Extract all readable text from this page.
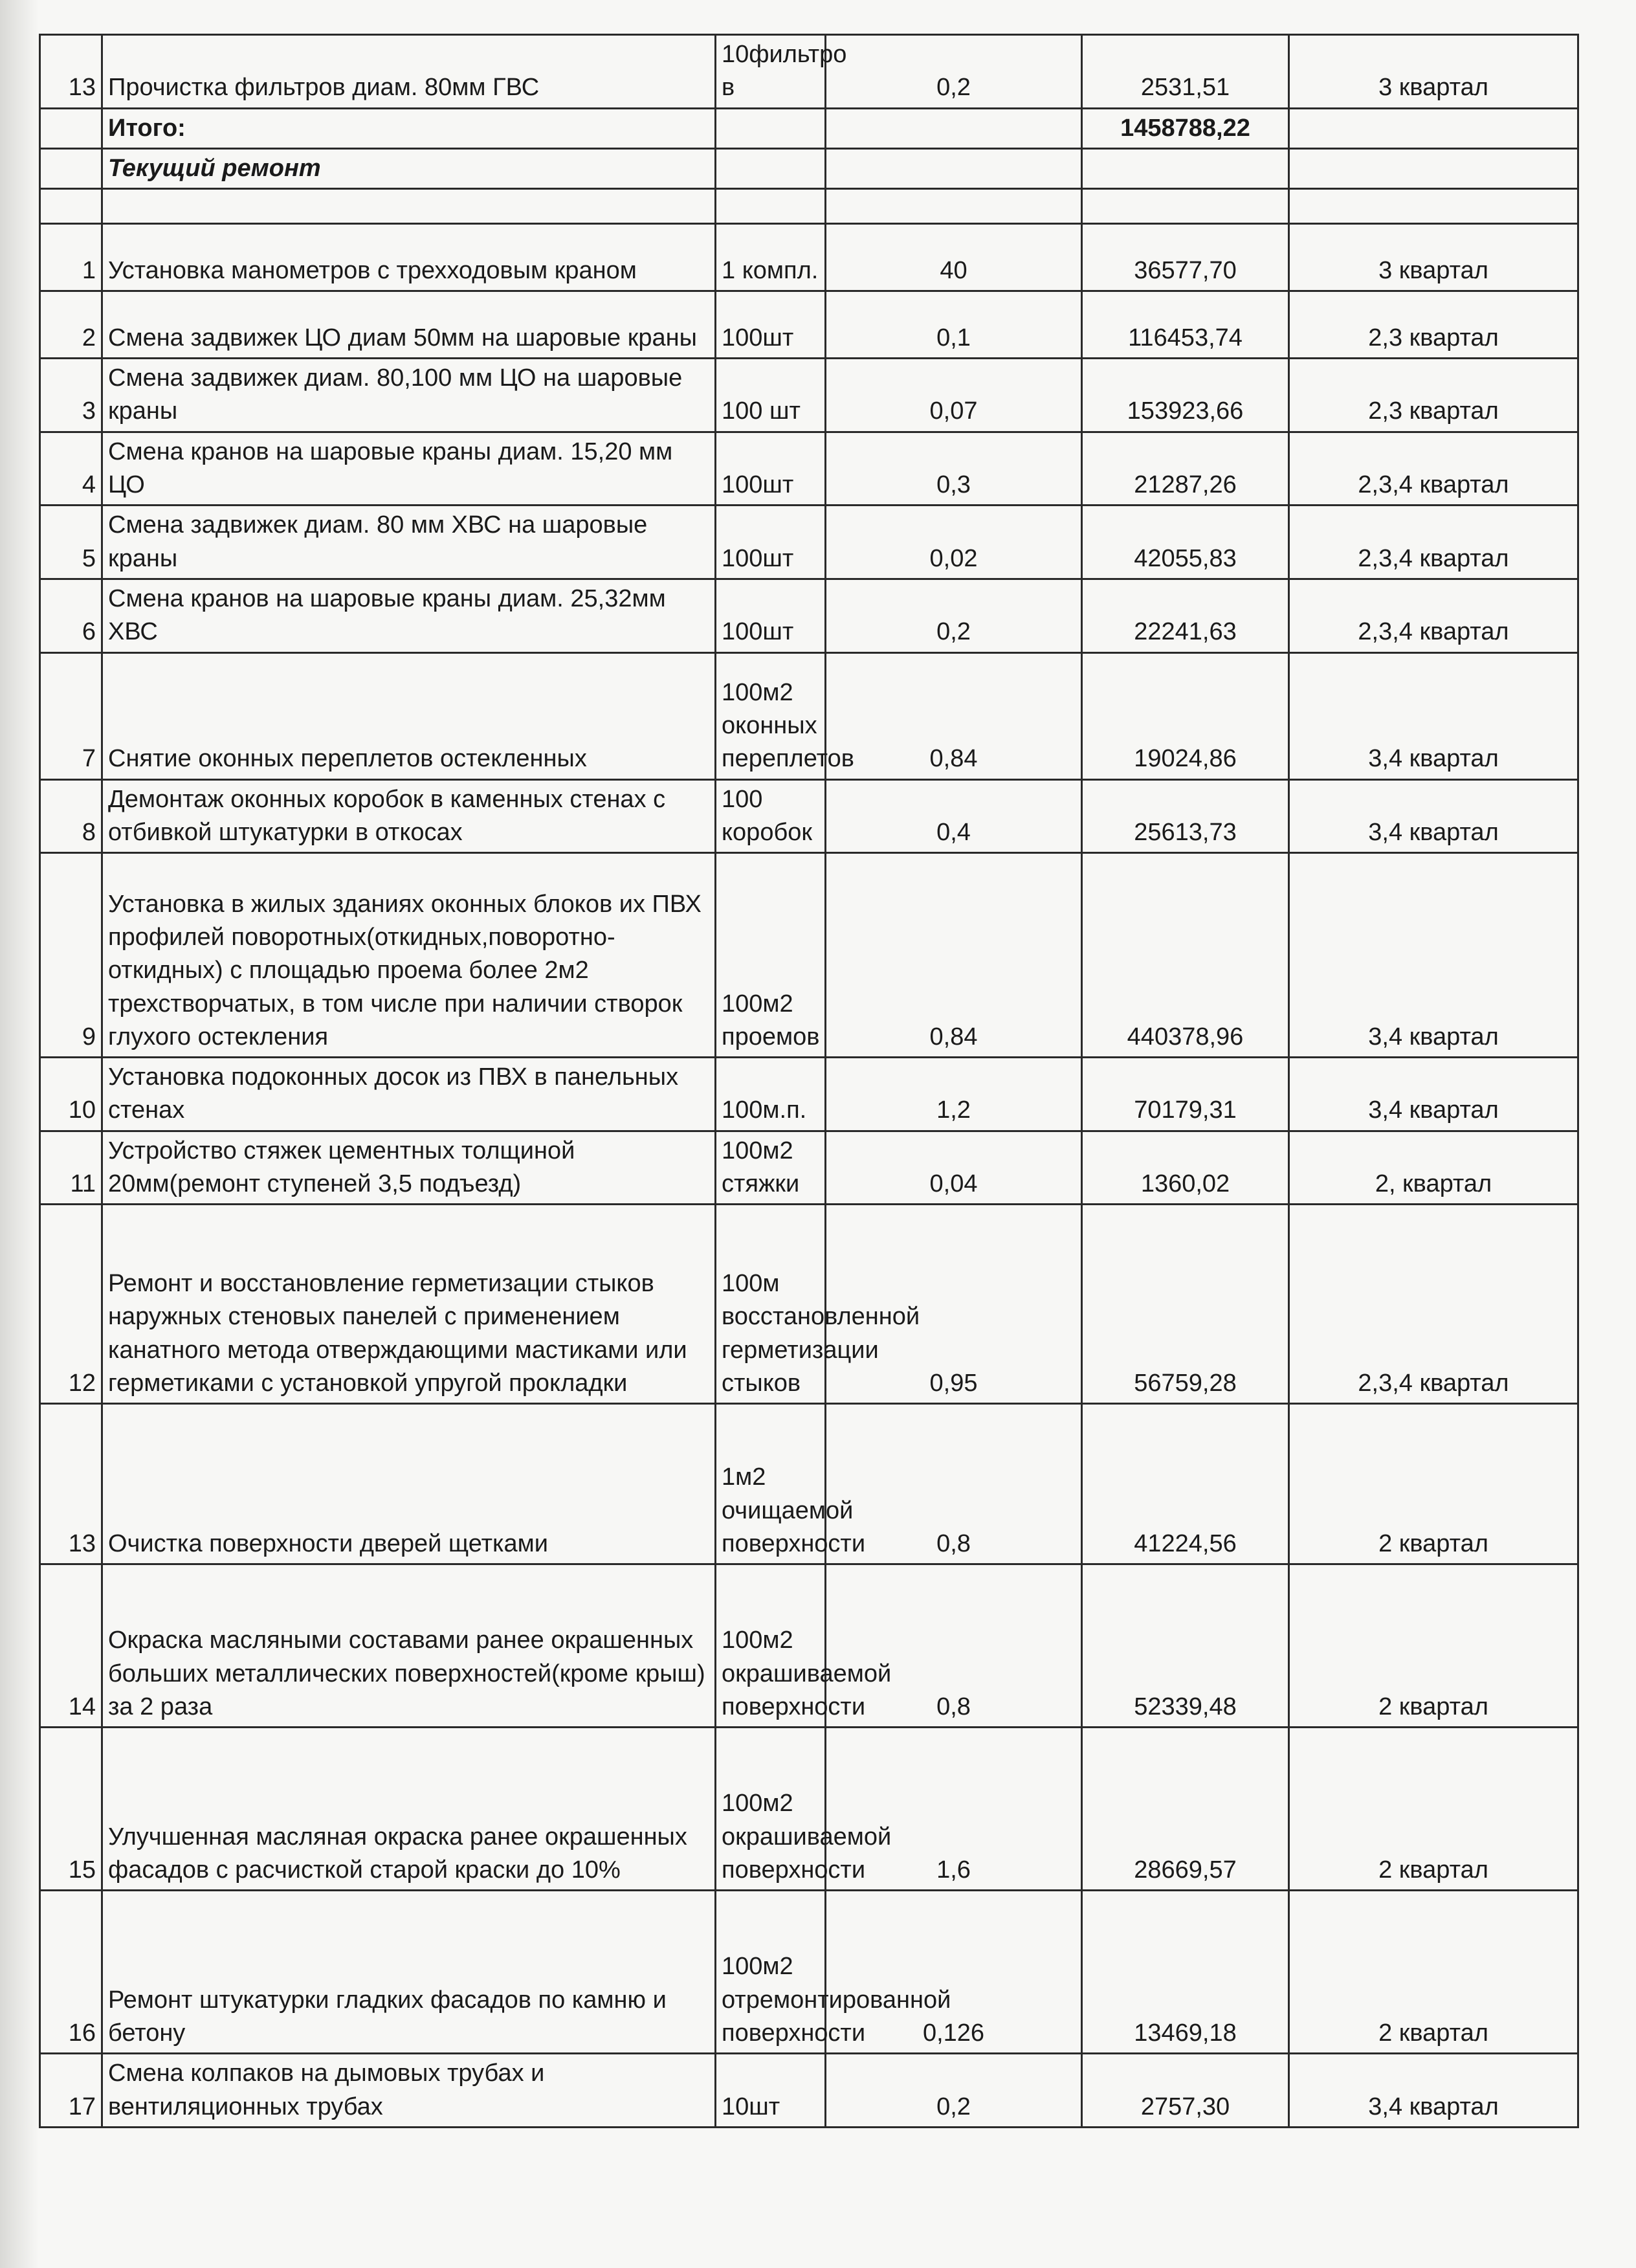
13	Прочистка фильтров диам. 80мм ГВС	10фильтро в	0,2	2531,51	3 квартал
	Итого:			1458788,22	
	Текущий ремонт				

1	Установка манометров с трехходовым краном	1 компл.	40	36577,70	3 квартал
2	Смена задвижек ЦО диам 50мм на шаровые краны	100шт	0,1	116453,74	2,3 квартал
3	Смена задвижек диам. 80,100 мм ЦО на шаровые краны	100 шт	0,07	153923,66	2,3 квартал
4	Смена кранов на шаровые краны диам. 15,20 мм ЦО	100шт	0,3	21287,26	2,3,4 квартал
5	Смена задвижек диам. 80 мм ХВС на шаровые краны	100шт	0,02	42055,83	2,3,4 квартал
6	Смена кранов на шаровые краны диам. 25,32мм ХВС	100шт	0,2	22241,63	2,3,4 квартал
7	Снятие оконных переплетов остекленных	100м2 оконных переплетов	0,84	19024,86	3,4 квартал
8	Демонтаж оконных коробок в каменных стенах с отбивкой штукатурки в откосах	100 коробок	0,4	25613,73	3,4 квартал
9	Установка в жилых зданиях оконных блоков их ПВХ профилей поворотных(откидных,поворотно-откидных) с площадью проема более 2м2 трехстворчатых, в том числе при наличии створок глухого остекления	100м2 проемов	0,84	440378,96	3,4 квартал
10	Установка подоконных досок из ПВХ в панельных стенах	100м.п.	1,2	70179,31	3,4 квартал
11	Устройство стяжек цементных толщиной 20мм(ремонт ступеней 3,5 подъезд)	100м2 стяжки	0,04	1360,02	2, квартал
12	Ремонт и восстановление герметизации стыков наружных стеновых панелей с применением канатного метода отверждающими мастиками или герметиками с установкой упругой прокладки	100м восстановленной герметизации стыков	0,95	56759,28	2,3,4 квартал
13	Очистка поверхности дверей щетками	1м2 очищаемой поверхности	0,8	41224,56	2 квартал
14	Окраска масляными составами ранее окрашенных больших металлических поверхностей(кроме крыш) за 2 раза	100м2 окрашиваемой поверхности	0,8	52339,48	2 квартал
15	Улучшенная масляная окраска ранее окрашенных фасадов с расчисткой старой краски до 10%	100м2 окрашиваемой поверхности	1,6	28669,57	2 квартал
16	Ремонт штукатурки гладких фасадов по камню и бетону	100м2 отремонтированной поверхности	0,126	13469,18	2 квартал
17	Смена колпаков на дымовых трубах и вентиляционных трубах	10шт	0,2	2757,30	3,4 квартал
